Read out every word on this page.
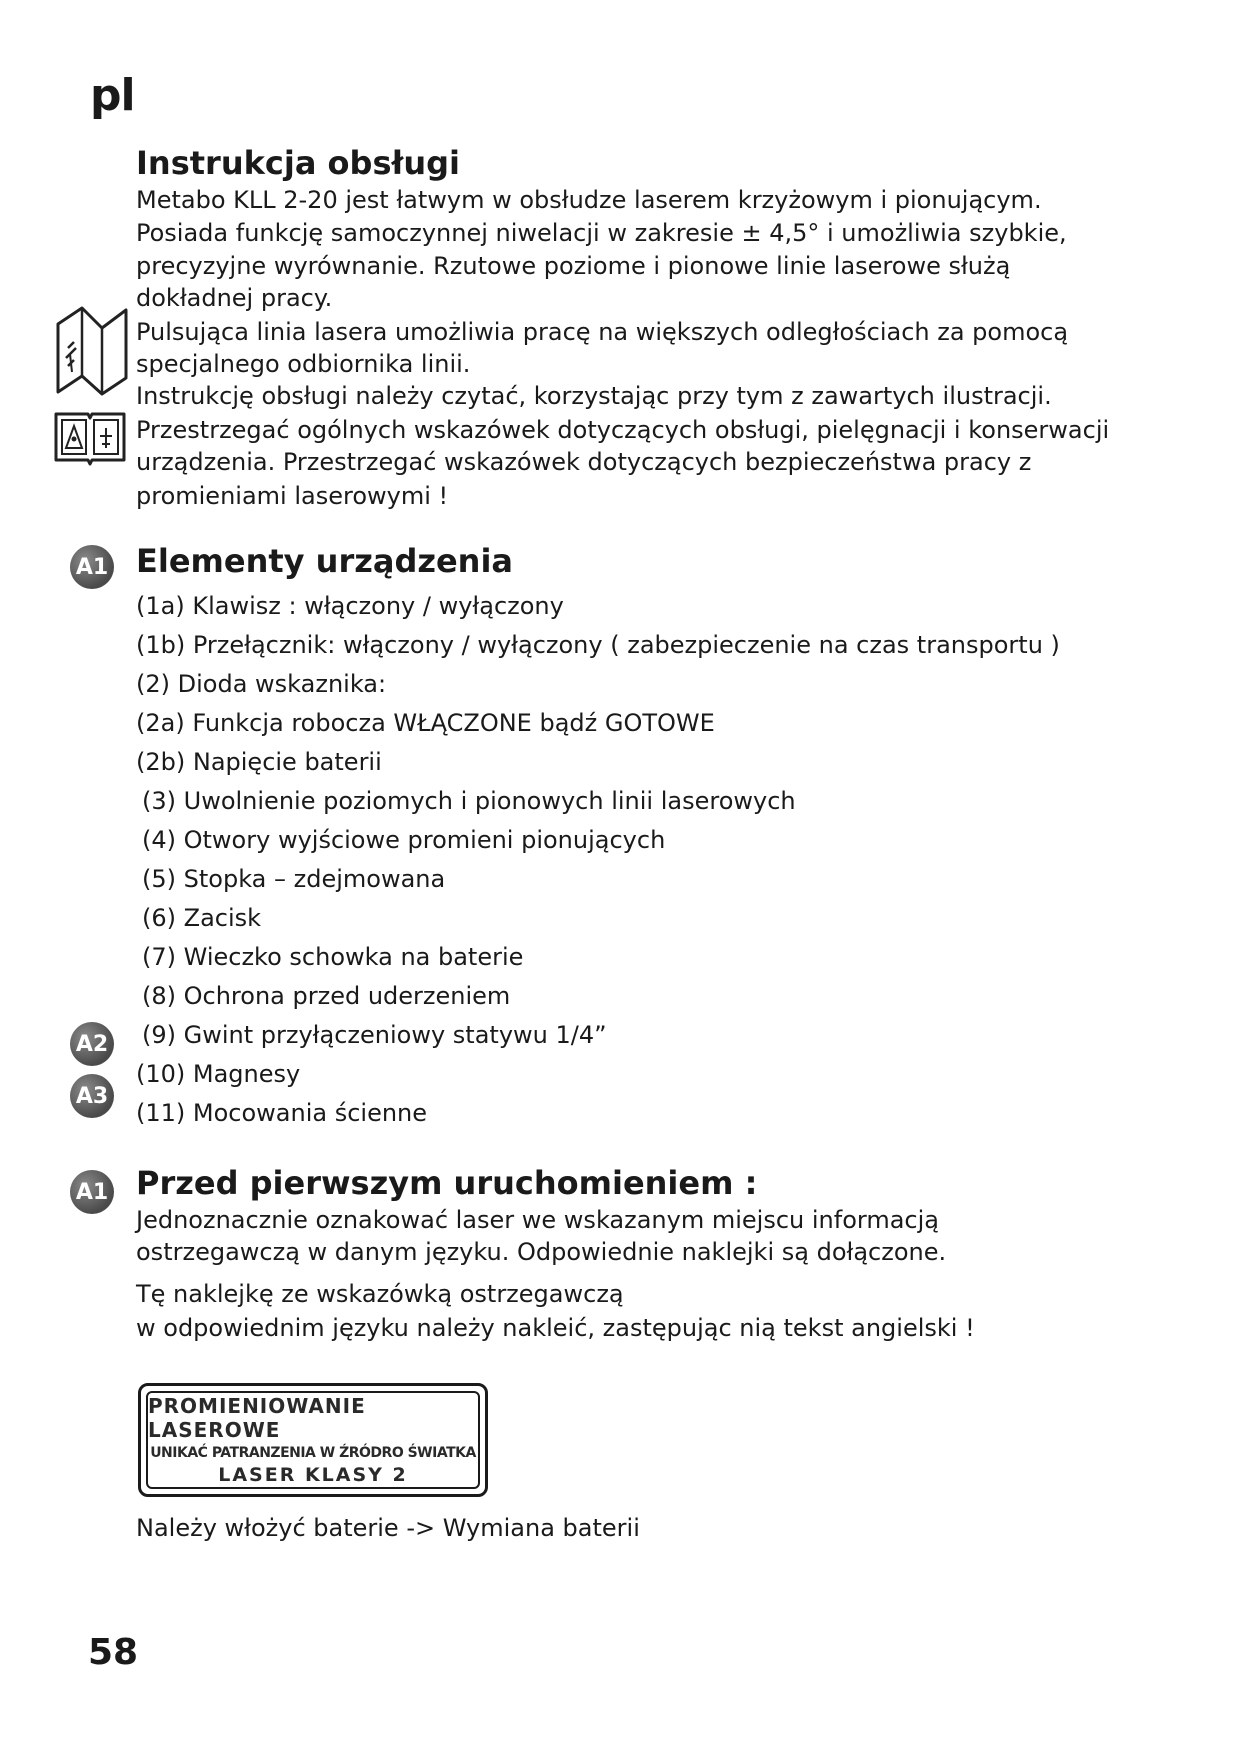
pl
Instrukcja obsługi
Metabo KLL 2-20 jest łatwym w obsłudze laserem krzyżowym i pionującym.
Posiada funkcję samoczynnej niwelacji w zakresie ± 4,5° i umożliwia szybkie,
precyzyjne wyrównanie. Rzutowe poziome i pionowe linie laserowe służą
dokładnej pracy.
Pulsująca linia lasera umożliwia pracę na większych odległościach za pomocą
specjalnego odbiornika linii.
Instrukcję obsługi należy czytać, korzystając przy tym z zawartych ilustracji.
Przestrzegać ogólnych wskazówek dotyczących obsługi, pielęgnacji i konserwacji
urządzenia. Przestrzegać wskazówek dotyczących bezpieczeństwa pracy z
promieniami laserowymi !
A1 Elementy urządzenia
(1a) Klawisz : włączony / wyłączony
(1b) Przełącznik: włączony / wyłączony ( zabezpieczenie na czas transportu )
(2) Dioda wskaznika:
(2a) Funkcja robocza WŁĄCZONE bądź GOTOWE
(2b) Napięcie baterii
(3) Uwolnienie poziomych i pionowych linii laserowych
(4) Otwory wyjściowe promieni pionujących
(5) Stopka – zdejmowana
(6) Zacisk
(7) Wieczko schowka na baterie
(8) Ochrona przed uderzeniem
(9) Gwint przyłączeniowy statywu 1/4”
(10) Magnesy
(11) Mocowania ścienne
A2
A3
A1 Przed pierwszym uruchomieniem :
Jednoznacznie oznakować laser we wskazanym miejscu informacją
ostrzegawczą w danym języku. Odpowiednie naklejki są dołączone.
Tę naklejkę ze wskazówką ostrzegawczą
w odpowiednim języku należy nakleić, zastępując nią tekst angielski !
PROMIENIOWANIE LASEROWE
UNIKAĆ PATRANZENIA W ŹRÓDRO ŚWIATKA
LASER KLASY 2
Należy włożyć baterie -> Wymiana baterii
58
